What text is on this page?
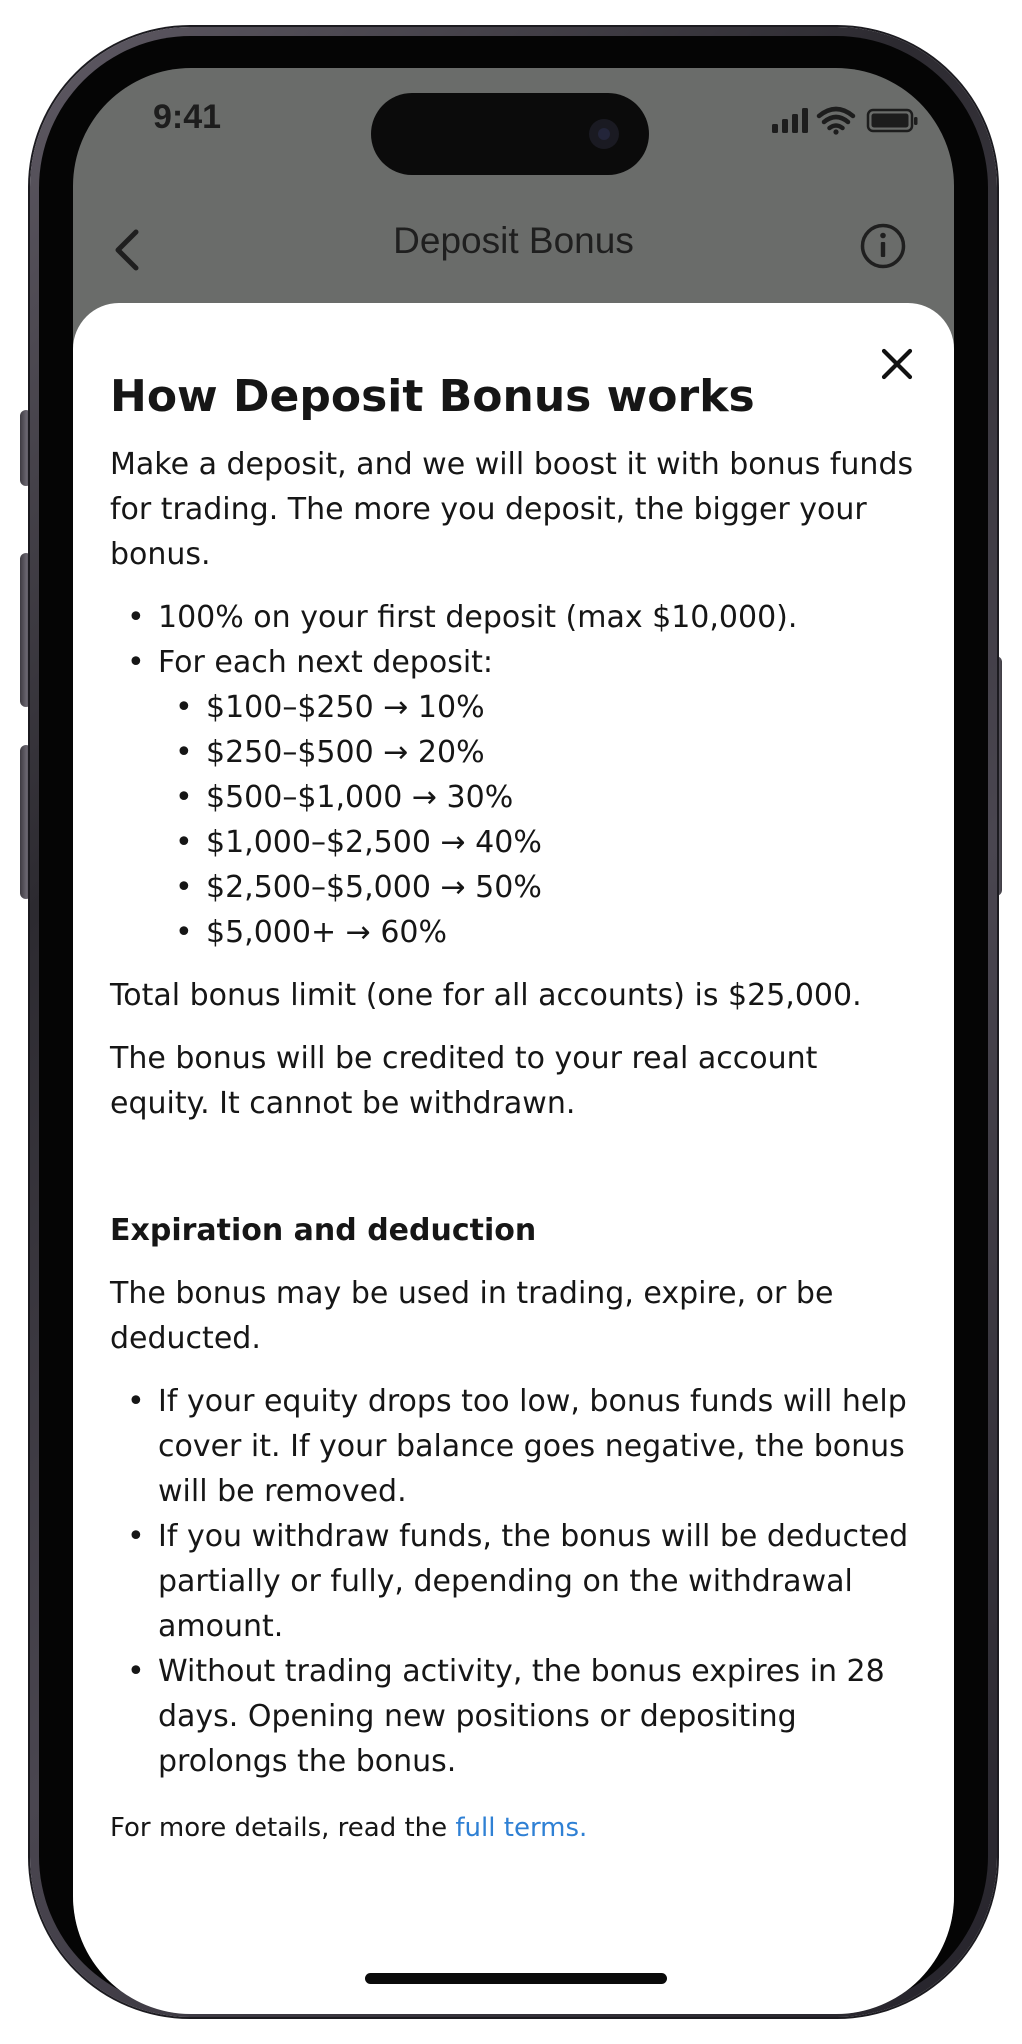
9:41
Deposit Bonus
How Deposit Bonus works
Make a deposit, and we will boost it with bonus funds for trading. The more you deposit, the bigger your bonus.
• 100% on your first deposit (max $10,000).
• For each next deposit:
• $100–$250 → 10%
• $250–$500 → 20%
• $500–$1,000 → 30%
• $1,000–$2,500 → 40%
• $2,500–$5,000 → 50%
• $5,000+ → 60%
Total bonus limit (one for all accounts) is $25,000.
The bonus will be credited to your real account equity. It cannot be withdrawn.
Expiration and deduction
The bonus may be used in trading, expire, or be deducted.
• If your equity drops too low, bonus funds will help cover it. If your balance goes negative, the bonus will be removed.
• If you withdraw funds, the bonus will be deducted partially or fully, depending on the withdrawal amount.
• Without trading activity, the bonus expires in 28 days. Opening new positions or depositing prolongs the bonus.
For more details, read the full terms.
